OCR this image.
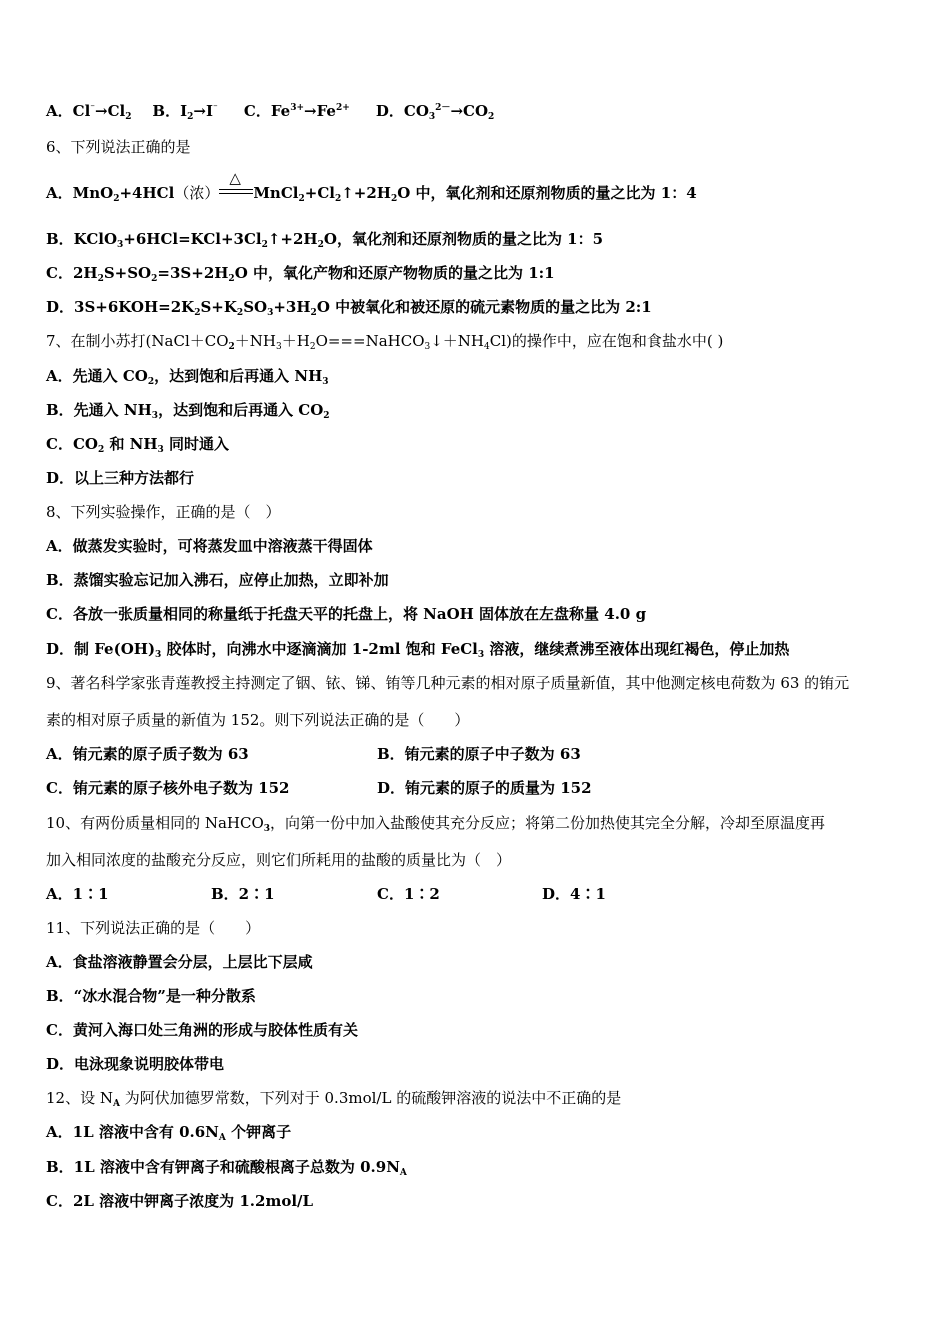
A．$Cl^{^-}\to Cl_2$ B．$I_2\to I^{^-}$ C．$Fe^{3+}\to Fe^{2+}$ D．$CO_3^{2-}\to CO_2$
6、下列说法正确的是
A．MnO$_2$+4HCl（浓）
△
$MnCl_2+Cl_2↑+2H_2O$ 中，氧化剂和还原剂物质的量之比为 1：4
B．$KClO_3+6HCl=KCl+3Cl_2↑+2H_2O$，氧化剂和还原剂物质的量之比为 1：5
C．$2H_2S+SO_2=3S+2H_2O$ 中，氧化产物和还原产物物质的量之比为 1:1
D．$3S+6KOH=2K_2S+K_2SO_3+3H_2O$ 中被氧化和被还原的硫元素物质的量之比为 2:1
7、在制小苏打$(NaCl+CO_2+NH_3+H_2O===NaHCO_3↓+NH_4Cl)$的操作中，应在饱和食盐水中( )
A．先通入 $CO_2$，达到饱和后再通入 $NH_3$
B．先通入 $NH_3$，达到饱和后再通入 $CO_2$
C．$CO_2$ 和 $NH_3$ 同时通入
D．以上三种方法都行
8、下列实验操作，正确的是（　）
A．做蒸发实验时，可将蒸发皿中溶液蒸干得固体
B．蒸馏实验忘记加入沸石，应停止加热，立即补加
C．各放一张质量相同的称量纸于托盘天平的托盘上，将 NaOH 固体放在左盘称量 4.0 g
D．制 $Fe(OH)_3$ 胶体时，向沸水中逐滴滴加 1-2ml 饱和 FeCl$_3$ 溶液，继续煮沸至液体出现红褐色，停止加热
9、著名科学家张青莲教授主持测定了铟、铱、锑、铕等几种元素的相对原子质量新值，其中他测定核电荷数为 63 的铕元
素的相对原子质量的新值为 152。则下列说法正确的是（　　）
A．铕元素的原子质子数为 63	B．铕元素的原子中子数为 63
C．铕元素的原子核外电子数为 152	D．铕元素的原子的质量为 152
10、有两份质量相同的 NaHCO$_3$，向第一份中加入盐酸使其充分反应；将第二份加热使其完全分解，冷却至原温度再
加入相同浓度的盐酸充分反应，则它们所耗用的盐酸的质量比为（　）
A．1∶1	B．2∶1	C．1∶2	D．4∶1
11、下列说法正确的是（　　）
A．食盐溶液静置会分层，上层比下层咸
B．“冰水混合物”是一种分散系
C．黄河入海口处三角洲的形成与胶体性质有关
D．电泳现象说明胶体带电
12、设 $N_A$ 为阿伏加德罗常数，下列对于 0.3mol/L 的硫酸钾溶液的说法中不正确的是
A．1L 溶液中含有 $0.6N_A$ 个钾离子
B．1L 溶液中含有钾离子和硫酸根离子总数为 $0.9N_A$
C．2L 溶液中钾离子浓度为 1.2mol/L
